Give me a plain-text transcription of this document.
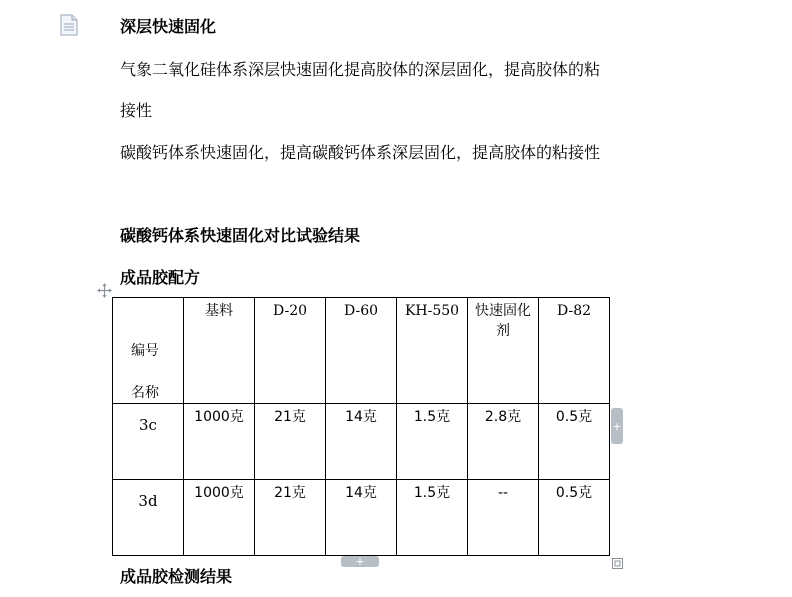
深层快速固化
气象二氧化硅体系深层快速固化提高胶体的深层固化，提高胶体的粘
接性
碳酸钙体系快速固化，提高碳酸钙体系深层固化，提高胶体的粘接性
碳酸钙体系快速固化对比试验结果
成品胶配方
编号
名称	基料	D-20	D-60	KH-550	快速固化剂	D-82

3c	1000克	21克	14克	1.5克	2.8克	0.5克

3d	1000克	21克	14克	1.5克	--	0.5克
+
+
成品胶检测结果
